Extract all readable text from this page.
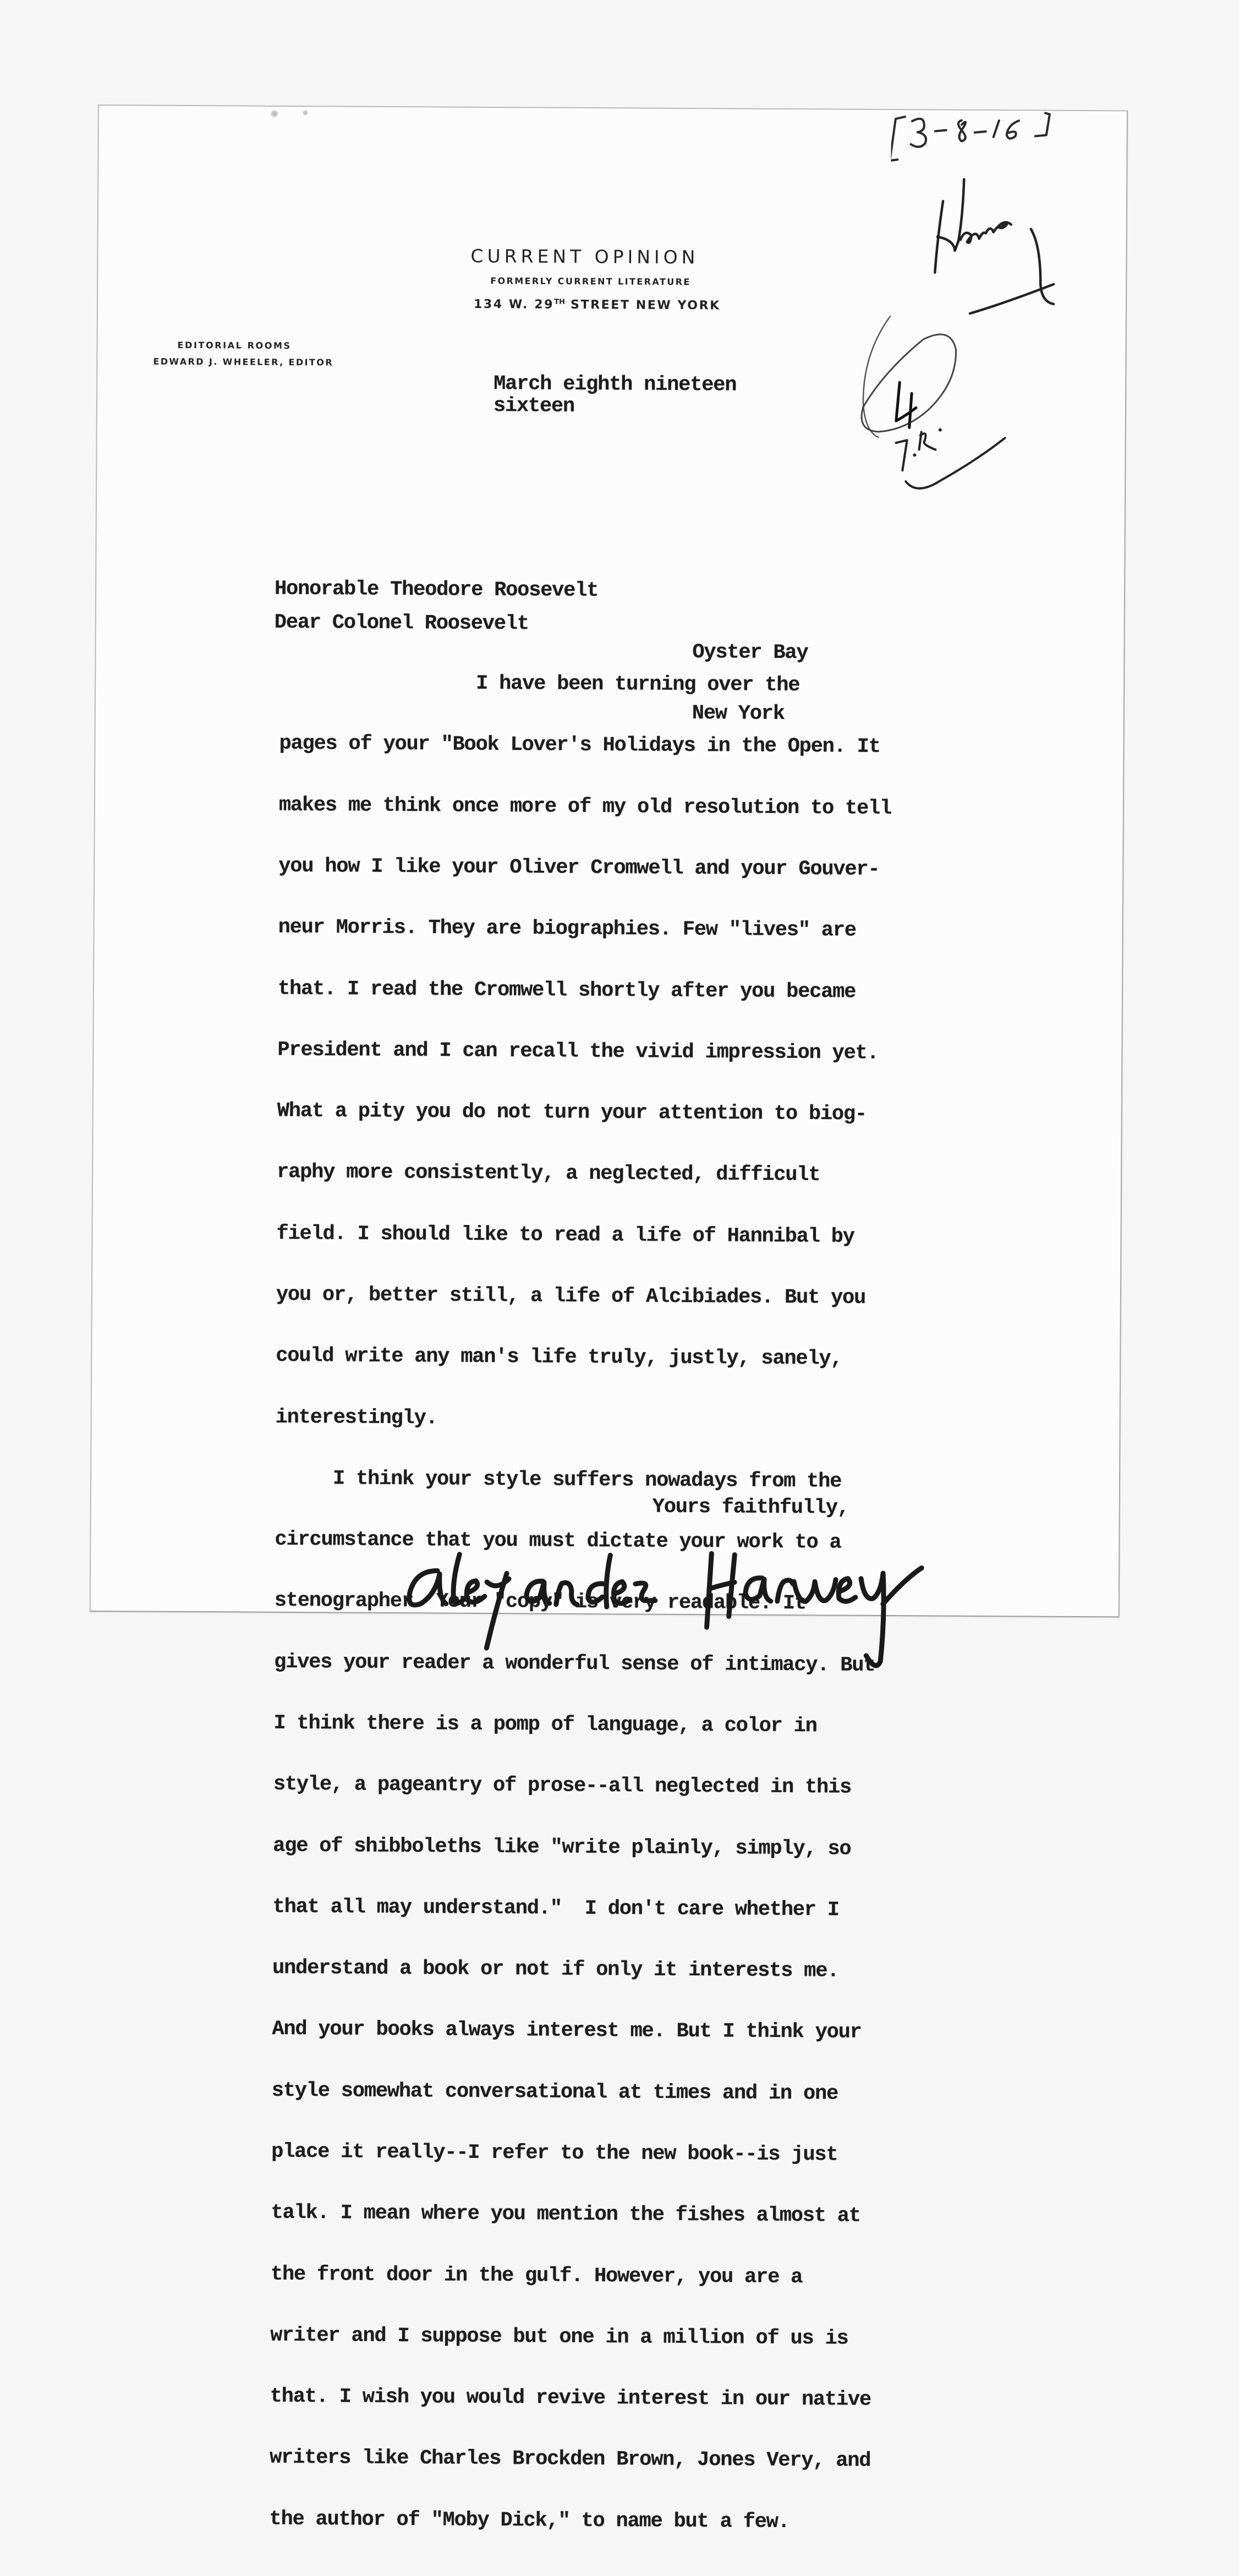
CURRENT OPINION
FORMERLY CURRENT LITERATURE
134 W. 29TH STREET NEW YORK
EDITORIAL ROOMS
EDWARD J. WHEELER, EDITOR
March eighth nineteen
sixteen

Honorable Theodore Roosevelt

Oyster Bay

New York

Dear Colonel Roosevelt

I have been turning over the

pages of your "Book Lover's Holidays in the Open. It

makes me think once more of my old resolution to tell

you how I like your Oliver Cromwell and your Gouver-

neur Morris. They are biographies. Few "lives" are

that. I read the Cromwell shortly after you became

President and I can recall the vivid impression yet.

What a pity you do not turn your attention to biog-

raphy more consistently, a neglected, difficult

field. I should like to read a life of Hannibal by

you or, better still, a life of Alcibiades. But you

could write any man's life truly, justly, sanely,

interestingly.

I think your style suffers nowadays from the

circumstance that you must dictate your work to a

stenographer. Your "copy" is very readable. It

gives your reader a wonderful sense of intimacy. But

I think there is a pomp of language, a color in

style, a pageantry of prose--all neglected in this

age of shibboleths like "write plainly, simply, so

that all may understand."  I don't care whether I

understand a book or not if only it interests me.

And your books always interest me. But I think your

style somewhat conversational at times and in one

place it really--I refer to the new book--is just

talk. I mean where you mention the fishes almost at

the front door in the gulf. However, you are a

writer and I suppose but one in a million of us is

that. I wish you would revive interest in our native

writers like Charles Brockden Brown, Jones Very, and

the author of "Moby Dick," to name but a few.

Yours faithfully,
